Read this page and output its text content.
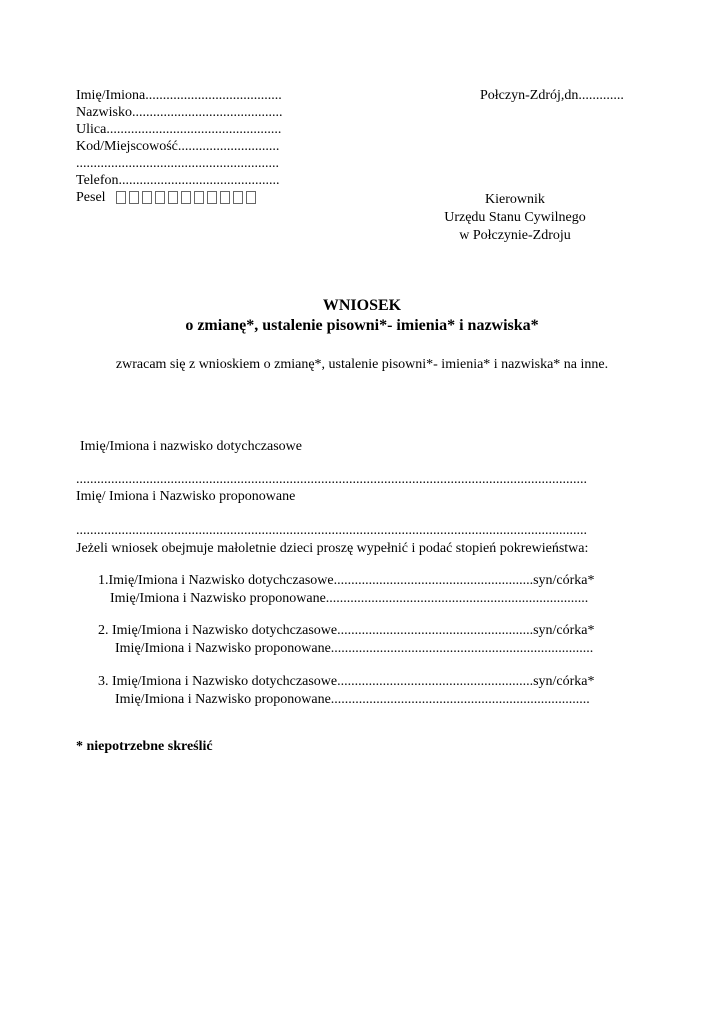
Imię/Imiona.......................................
Nazwisko...........................................
Ulica..................................................
Kod/Miejscowość.............................
..........................................................
Telefon..............................................
Pesel
Połczyn-Zdrój,dn.............
Kierownik
Urzędu Stanu Cywilnego
w Połczynie-Zdroju
WNIOSEK
o zmianę*, ustalenie pisowni*- imienia* i nazwiska*
zwracam się z wnioskiem o zmianę*, ustalenie pisowni*- imienia* i nazwiska* na inne.
Imię/Imiona i nazwisko dotychczasowe
..................................................................................................................................................
Imię/ Imiona i Nazwisko proponowane
..................................................................................................................................................
Jeżeli wniosek obejmuje małoletnie dzieci proszę wypełnić i podać stopień pokrewieństwa:
1.Imię/Imiona i Nazwisko dotychczasowe.........................................................syn/córka*
Imię/Imiona i Nazwisko proponowane...........................................................................
2. Imię/Imiona i Nazwisko dotychczasowe........................................................syn/córka*
Imię/Imiona i Nazwisko proponowane...........................................................................
3. Imię/Imiona i Nazwisko dotychczasowe........................................................syn/córka*
Imię/Imiona i Nazwisko proponowane..........................................................................
* niepotrzebne skreślić
